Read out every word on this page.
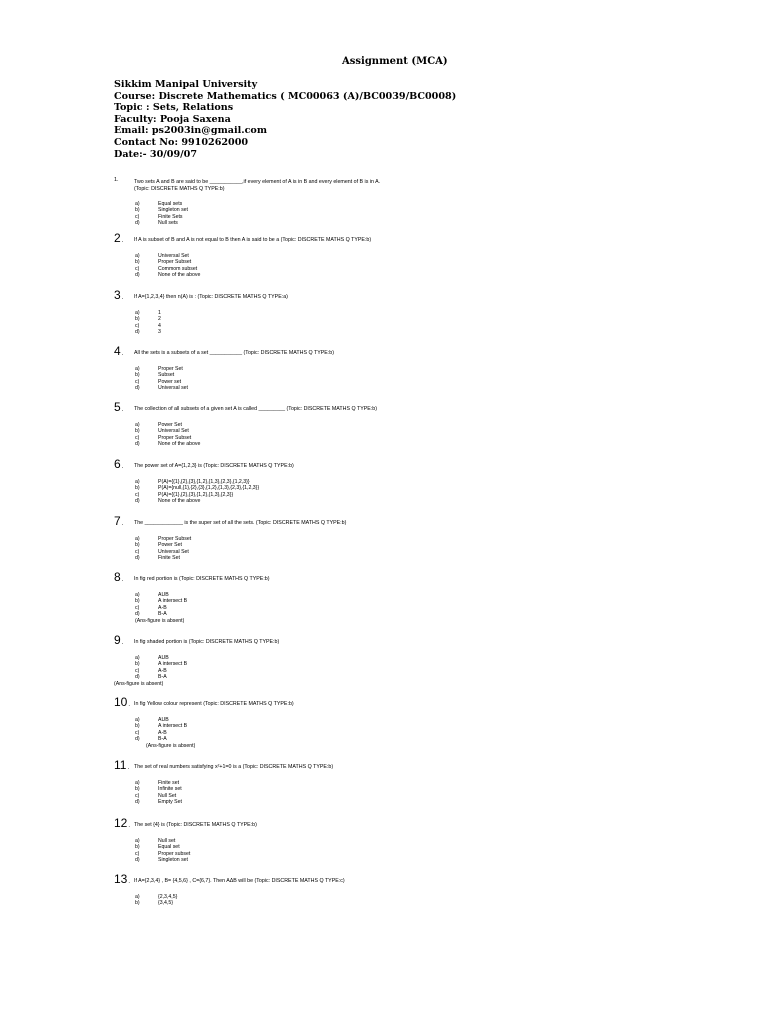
Assignment (MCA)
Sikkim Manipal University
Course: Discrete Mathematics ( MC00063 (A)/BC0039/BC0008)
Topic : Sets, Relations
Faculty: Pooja Saxena
Email: ps2003in@gmail.com
Contact No: 9910262000
Date:- 30/09/07
1.	Two sets A and B are said to be ___________,if every element of A is in B and every element of B is in A.
(Topic: DISCRETE MATHS Q TYPE:b)
a)	Equal sets
b)	Singleton set
c)	Finite Sets
d)	Null sets
2. If A is subset of B and A is not equal to B then A is said to be a (Topic: DISCRETE MATHS Q TYPE:b)
a)	Universal Set
b)	Proper Subset
c)	Commom subset
d)	None of the above
3. If A={1,2,3,4} then n(A) is : (Topic: DISCRETE MATHS Q TYPE:a)
a)	1
b)	2
c)	4
d)	3
4. All the sets is a subsets of a set ___________ (Topic: DISCRETE MATHS Q TYPE:b)
a)	Proper Set
b)	Subset
c)	Power set
d)	Universal set
5. The collection of all subsets of a given set A is called _________ (Topic: DISCRETE MATHS Q TYPE:b)
a)	Power Set
b)	Universal Set
c)	Proper Subset
d)	None of the above
6. The power set of A={1,2,3} is (Topic: DISCRETE MATHS Q TYPE:b)
a)	P(A)={{1},{2},{3},{1,2},{1,3},{2,3},{1,2,3}}
b)	P(A)={null,{1},{2},{3},{1,2},{1,3},{2,3},{1,2,3}}
c)	P(A)={{1},{2},{3},{1,2},{1,3},{2,3}}
d)	None of the above
7. The _____________ is the super set of all the sets. (Topic: DISCRETE MATHS Q TYPE:b)
a)	Proper Subset
b)	Power Set
c)	Universal Set
d)	Finite Set
8. In fig red portion is (Topic: DISCRETE MATHS Q TYPE:b)
a)	AUB
b)	A intersect B
c)	A-B
d)	B-A
(Ans-figure is absent)
9. In fig shaded portion is (Topic: DISCRETE MATHS Q TYPE:b)
a)	AUB
b)	A intersect B
c)	A-B
d)	B-A
(Ans-figure is absent)
10. In fig Yellow colour represent (Topic: DISCRETE MATHS Q TYPE:b)
a)	AUB
b)	A intersect B
c)	A-B
d)	B-A
(Ans-figure is absent)
11. The set of real numbers satisfying x²+1=0 is a (Topic: DISCRETE MATHS Q TYPE:b)
a)	Finite set
b)	Infinite set
c)	Null Set
d)	Empty Set
12. The set {4} is (Topic: DISCRETE MATHS Q TYPE:b)
a)	Null set
b)	Equal set
c)	Proper subset
d)	Singleton set
13. If A={2,3,4} , B= {4,5,6} , C={6,7}. Then AΔB will be (Topic: DISCRETE MATHS Q TYPE:c)
a)	{2,3,4,5}
b)	{3,4,5}
